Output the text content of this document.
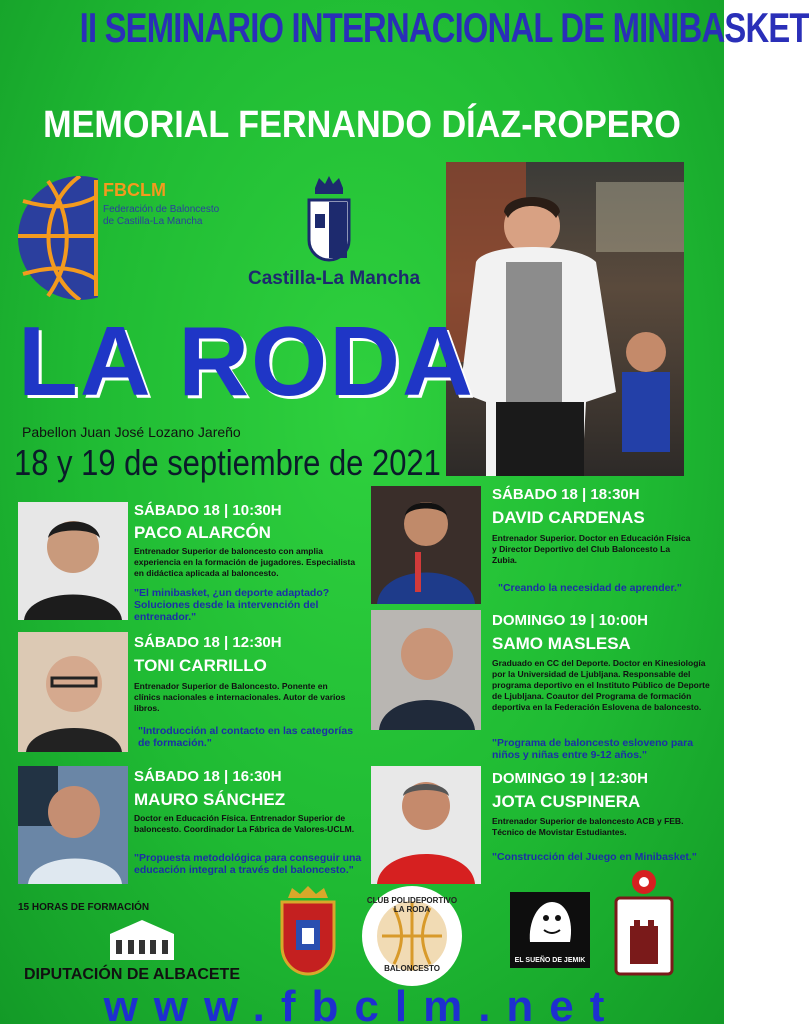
II SEMINARIO INTERNACIONAL DE MINIBASKET
MEMORIAL FERNANDO DÍAZ-ROPERO
FBCLM
Federación de Baloncesto
de Castilla-La Mancha
Castilla-La Mancha
LA RODA
Pabellon Juan José Lozano Jareño
18 y 19 de septiembre de 2021
SÁBADO 18 | 10:30H
PACO ALARCÓN
Entrenador Superior de baloncesto con amplia experiencia en la formación de jugadores. Especialista en didáctica aplicada al baloncesto.
"El minibasket, ¿un deporte adaptado? Soluciones desde la intervención del entrenador."
SÁBADO 18 | 12:30H
TONI CARRILLO
Entrenador Superior de Baloncesto. Ponente en clínics nacionales e internacionales. Autor de varios libros.
"Introducción al contacto en las categorías de formación."
SÁBADO 18 | 16:30H
MAURO SÁNCHEZ
Doctor en Educación Física. Entrenador Superior de baloncesto. Coordinador La Fábrica de Valores-UCLM.
"Propuesta metodológica para conseguir una educación integral a través del baloncesto."
SÁBADO 18 | 18:30H
DAVID CARDENAS
Entrenador Superior. Doctor en Educación Física y Director Deportivo del Club Baloncesto La Zubia.
"Creando la necesidad de aprender."
DOMINGO 19 | 10:00H
SAMO MASLESA
Graduado en CC del Deporte. Doctor en Kinesiología por la Universidad de Ljubljana. Responsable del programa deportivo en el Instituto Público de Deporte de Ljubljana. Coautor del Programa de formación deportiva en la Federación Eslovena de baloncesto.
"Programa de baloncesto esloveno para niños y niñas entre 9-12 años."
DOMINGO 19 | 12:30H
JOTA CUSPINERA
Entrenador Superior de baloncesto ACB y FEB. Técnico de Movistar Estudiantes.
"Construcción del Juego en Minibasket."
15 HORAS DE FORMACIÓN
DIPUTACIÓN DE ALBACETE
CLUB POLIDEPORTIVO LA RODA
BALONCESTO
EL SUEÑO DE JEMIK
www.fbclm.net
